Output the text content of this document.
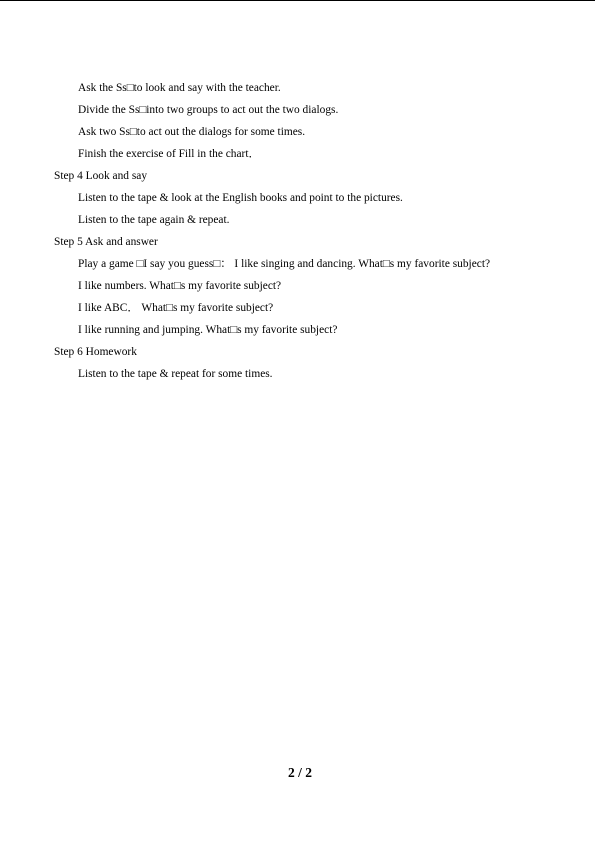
Ask the Ss□to look and say with the teacher.
Divide the Ss□into two groups to act out the two dialogs.
Ask two Ss□to act out the dialogs for some times.
Finish the exercise of Fill in the chart．
Step 4 Look and say
Listen to the tape & look at the English books and point to the pictures.
Listen to the tape again & repeat.
Step 5 Ask and answer
Play a game □I say you guess□： I like singing and dancing. What□s my favorite subject?
I like numbers. What□s my favorite subject?
I like ABC． What□s my favorite subject?
I like running and jumping. What□s my favorite subject?
Step 6 Homework
Listen to the tape & repeat for some times.
2 / 2
